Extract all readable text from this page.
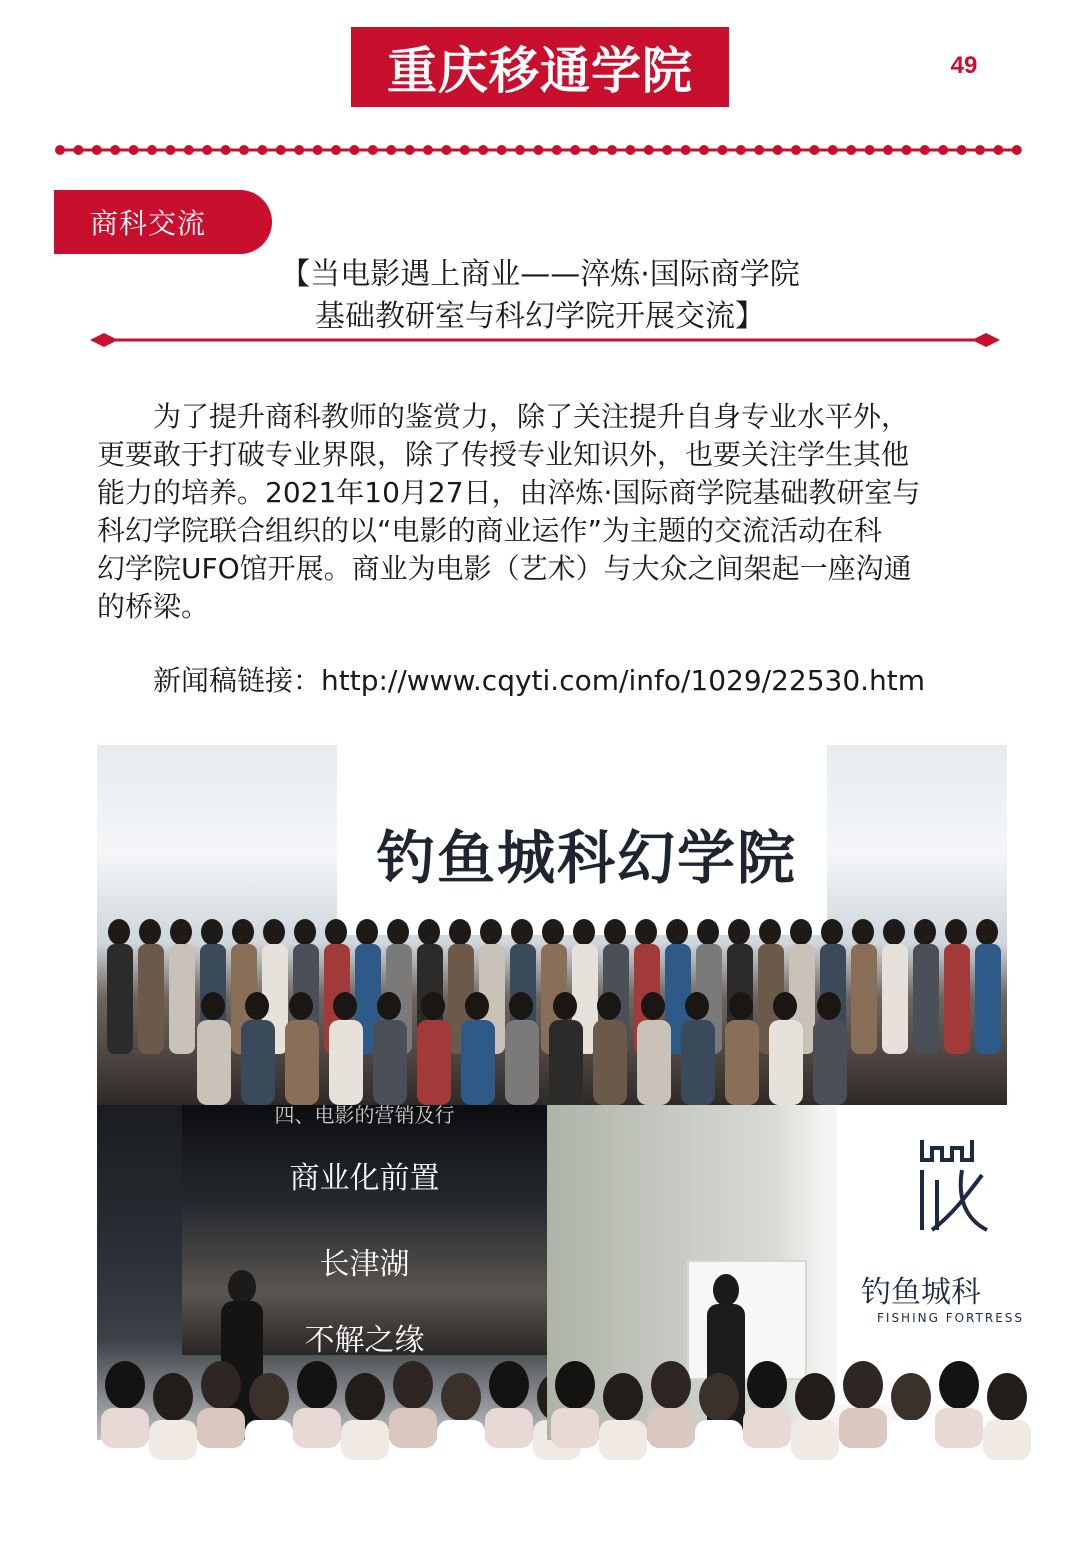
重庆移通学院	49
商科交流
【当电影遇上商业——淬炼·国际商学院
基础教研室与科幻学院开展交流】
　　为了提升商科教师的鉴赏力，除了关注提升自身专业水平外，
更要敢于打破专业界限，除了传授专业知识外，也要关注学生其他
能力的培养。2021年10月27日，由淬炼·国际商学院基础教研室与
科幻学院联合组织的以“电影的商业运作”为主题的交流活动在科
幻学院UFO馆开展。商业为电影（艺术）与大众之间架起一座沟通
的桥梁。
新闻稿链接：http://www.cqyti.com/info/1029/22530.htm
钓鱼城科幻学院
四、电影的营销及行
商业化前置
长津湖
不解之缘
钓鱼城科
FISHING FORTRESS
